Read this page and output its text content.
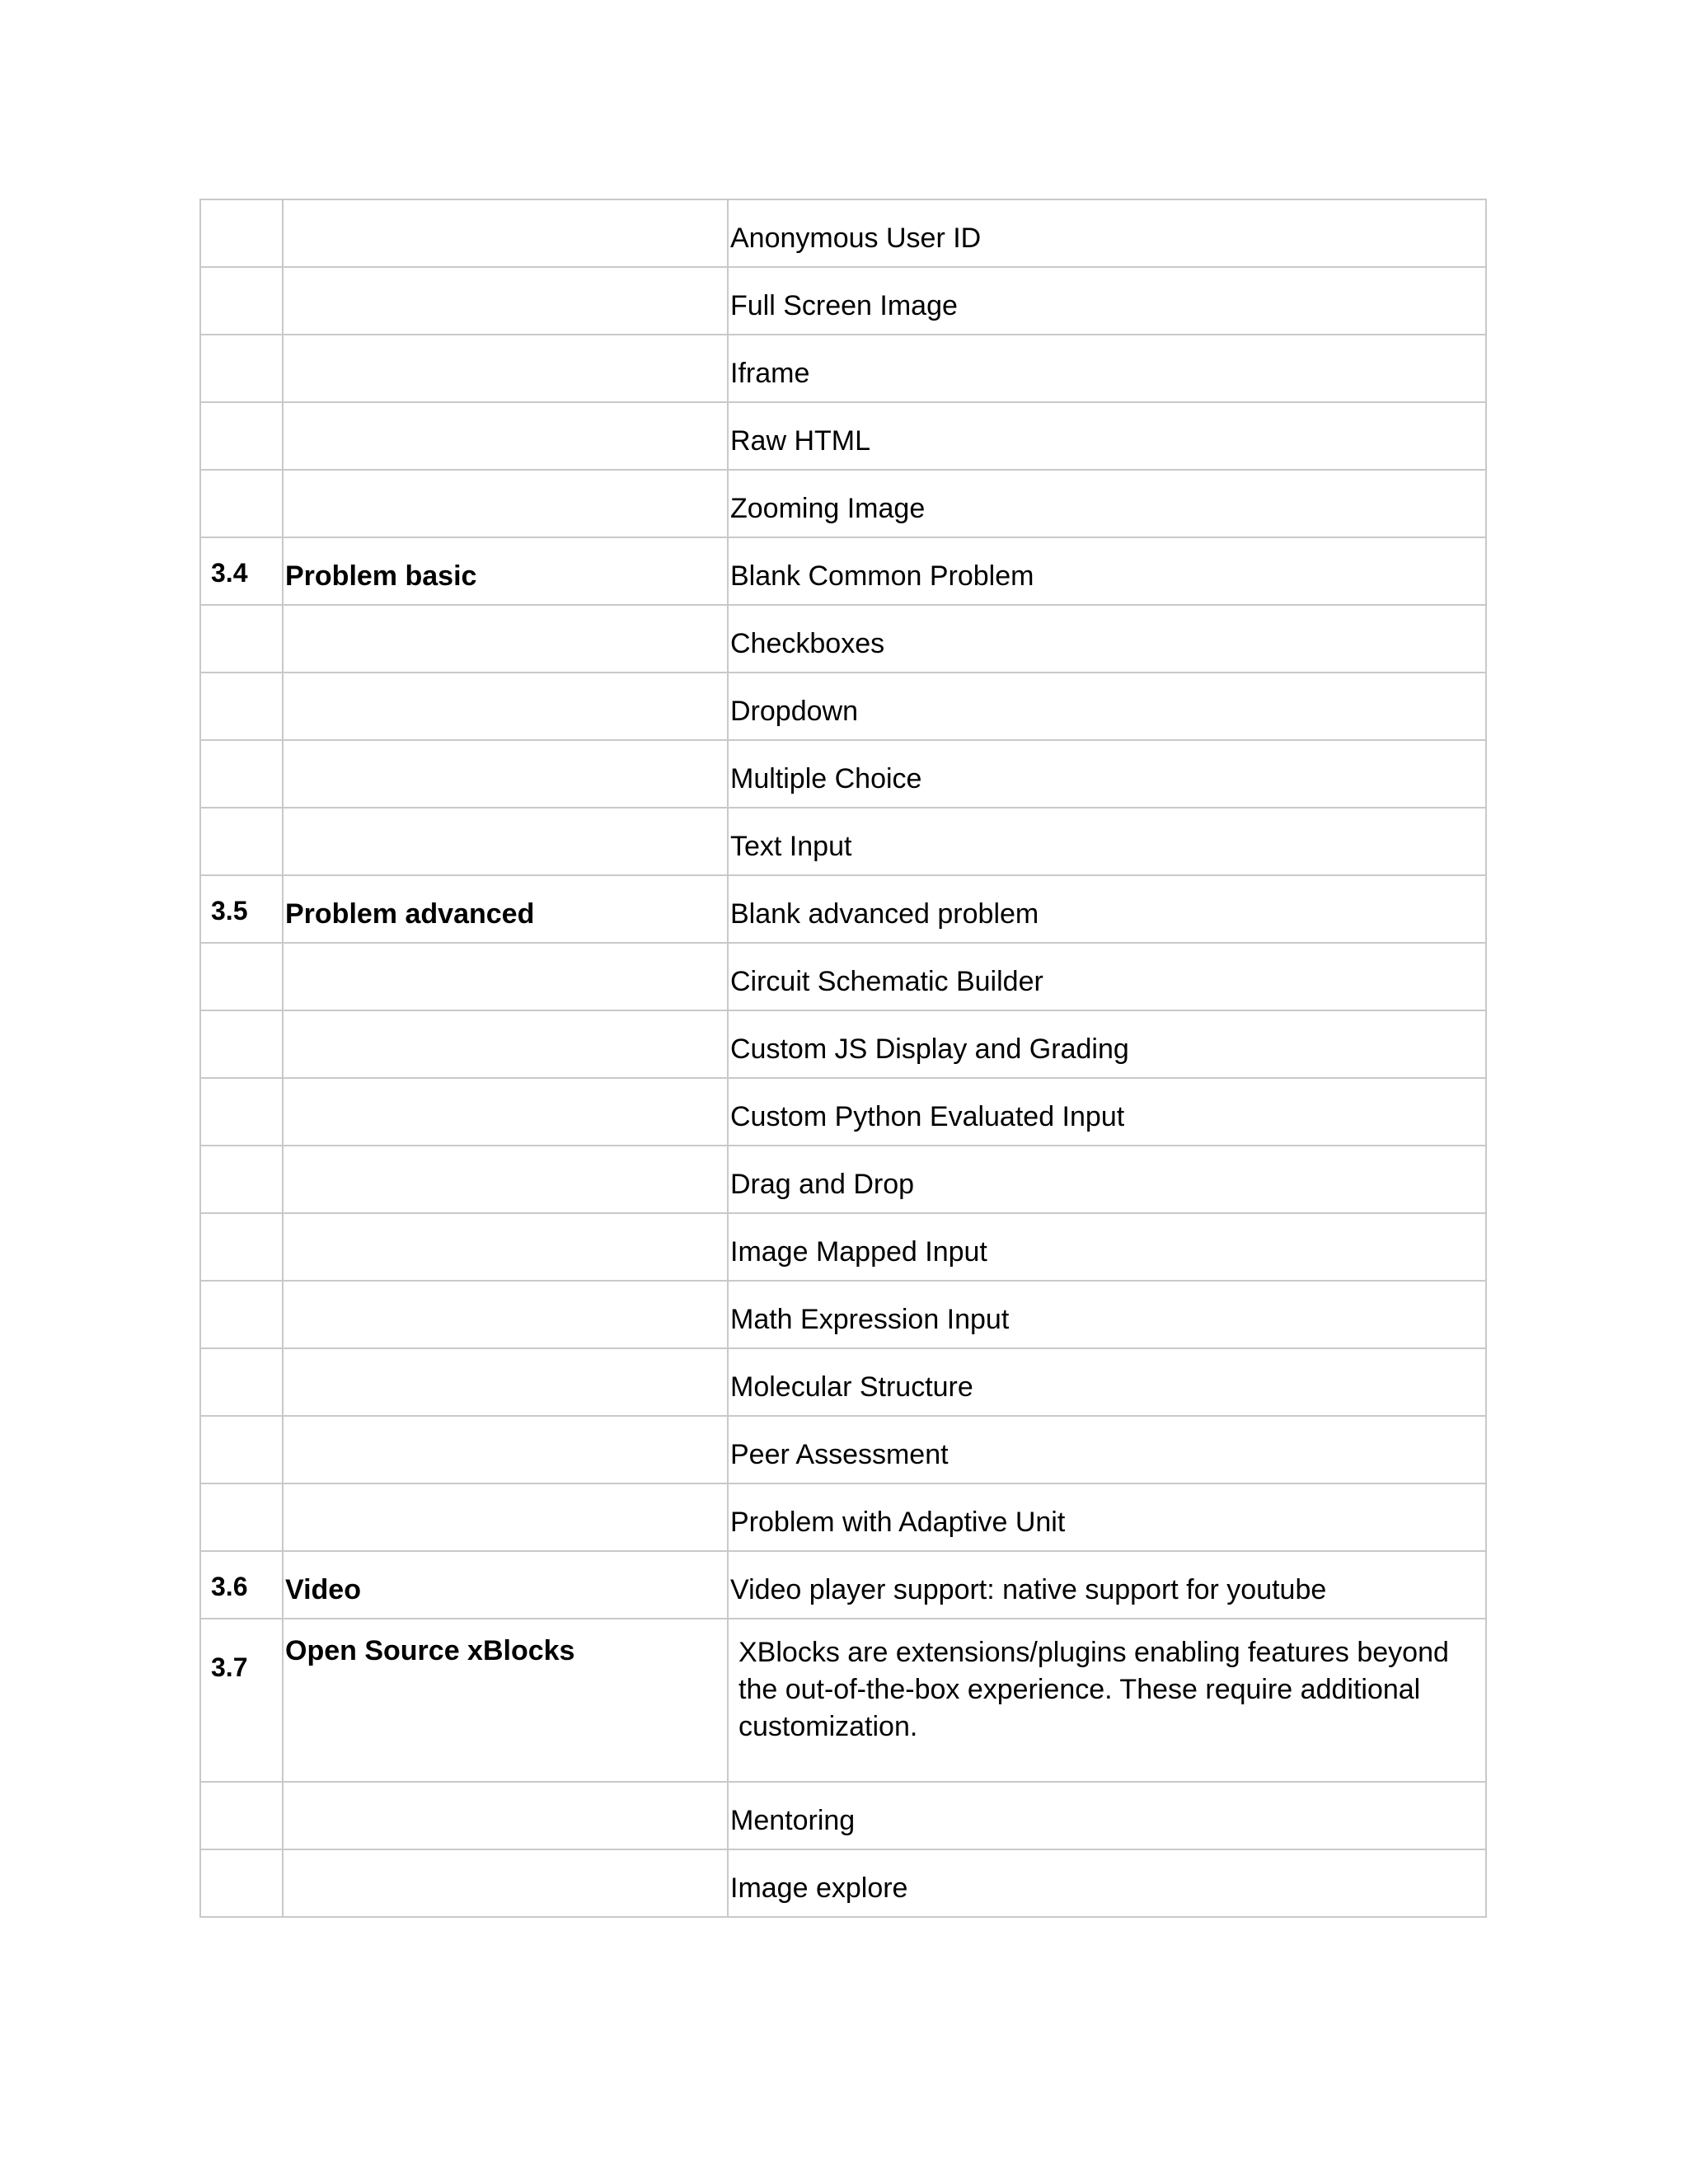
		Anonymous User ID
		Full Screen Image
		Iframe
		Raw HTML
		Zooming Image
3.4	Problem basic	Blank Common Problem
		Checkboxes
		Dropdown
		Multiple Choice
		Text Input
3.5	Problem advanced	Blank advanced problem
		Circuit Schematic Builder
		Custom JS Display and Grading
		Custom Python Evaluated Input
		Drag and Drop
		Image Mapped Input
		Math Expression Input
		Molecular Structure
		Peer Assessment
		Problem with Adaptive Unit
3.6	Video	Video player support: native support for youtube
3.7	Open Source xBlocks	XBlocks are extensions/plugins enabling features beyond the out-of-the-box experience. These require additional customization.
		Mentoring
		Image explore
